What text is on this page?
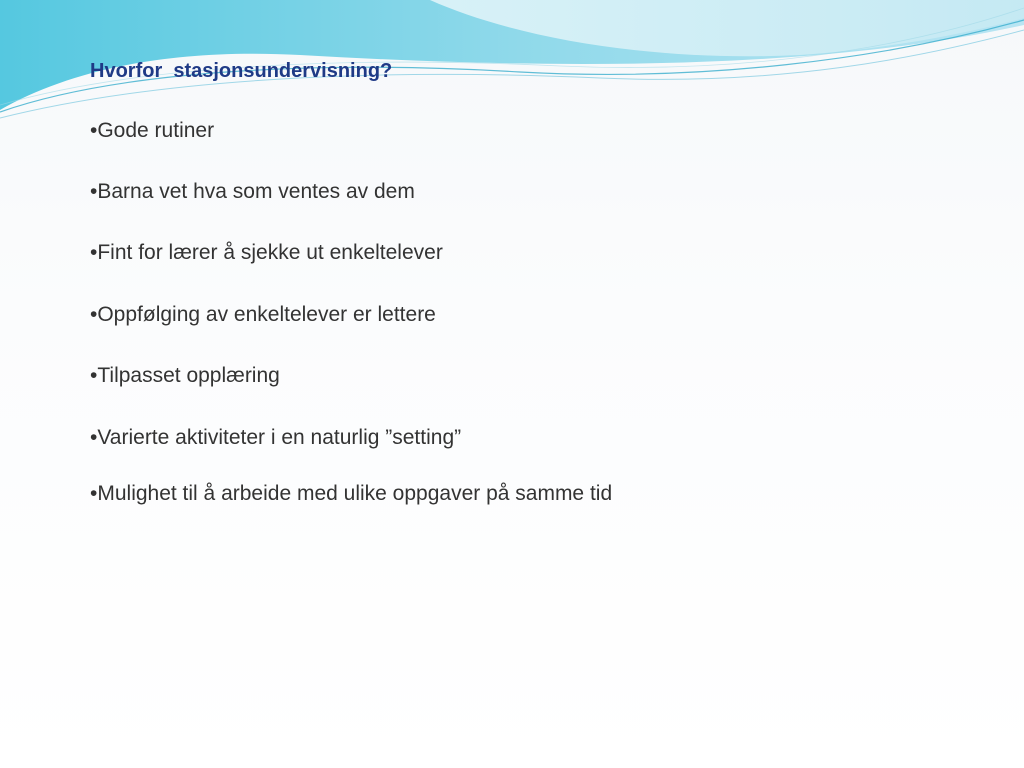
Hvorfor  stasjonsundervisning?
•Gode rutiner
•Barna vet hva som ventes av dem
•Fint for lærer å sjekke ut enkeltelever
•Oppfølging av enkeltelever er lettere
•Tilpasset opplæring
•Varierte aktiviteter i en naturlig ”setting”
•Mulighet til å arbeide med ulike oppgaver på samme tid
